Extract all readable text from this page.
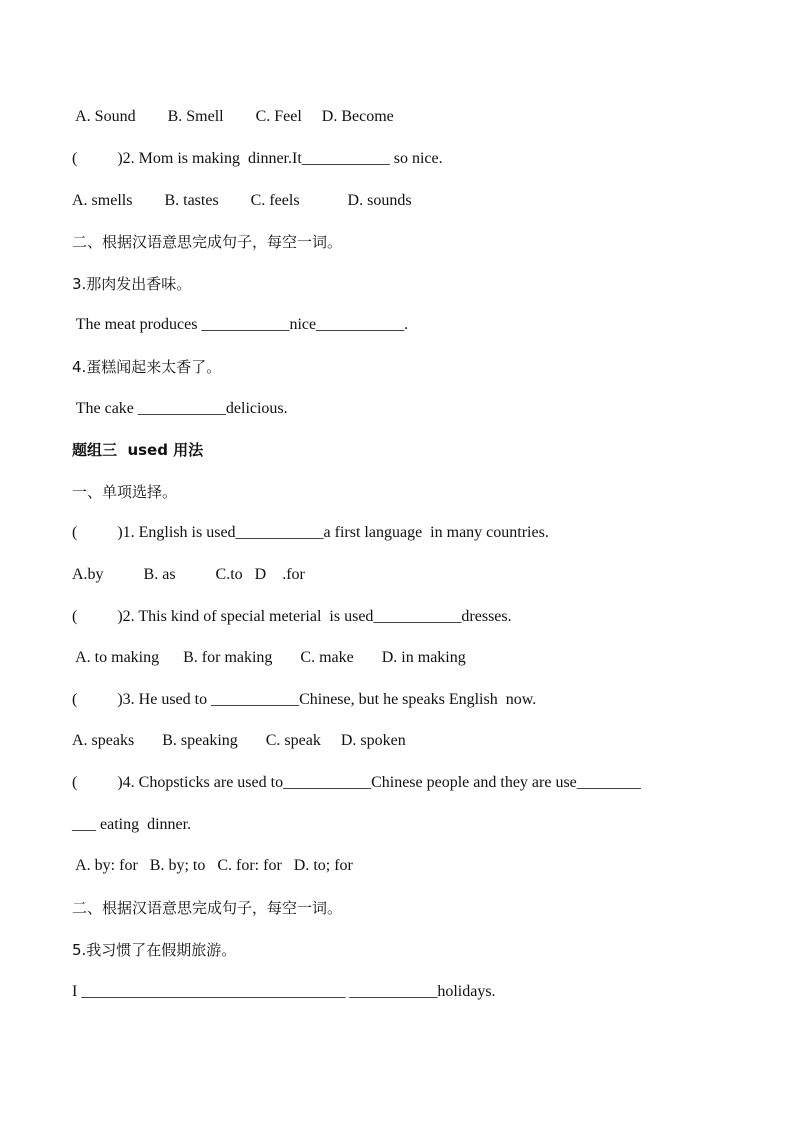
A. Sound        B. Smell        C. Feel     D. Become
(          )2. Mom is making  dinner.It___________ so nice.
A. smells        B. tastes        C. feels            D. sounds
二、根据汉语意思完成句子，每空一词。
3.那肉发出香味。
The meat produces ___________nice___________.
4.蛋糕闻起来太香了。
The cake ___________delicious.
题组三  used 用法
一、单项选择。
(          )1. English is used___________a first language  in many countries.
A.by          B. as          C.to   D    .for
(          )2. This kind of special meterial  is used___________dresses.
A. to making      B. for making       C. make       D. in making
(          )3. He used to ___________Chinese, but he speaks English  now.
A. speaks       B. speaking       C. speak     D. spoken
(          )4. Chopsticks are used to___________Chinese people and they are use________
___ eating  dinner.
A. by: for   B. by; to   C. for: for   D. to; for
二、根据汉语意思完成句子，每空一词。
5.我习惯了在假期旅游。
I _________________________________ ___________holidays.
